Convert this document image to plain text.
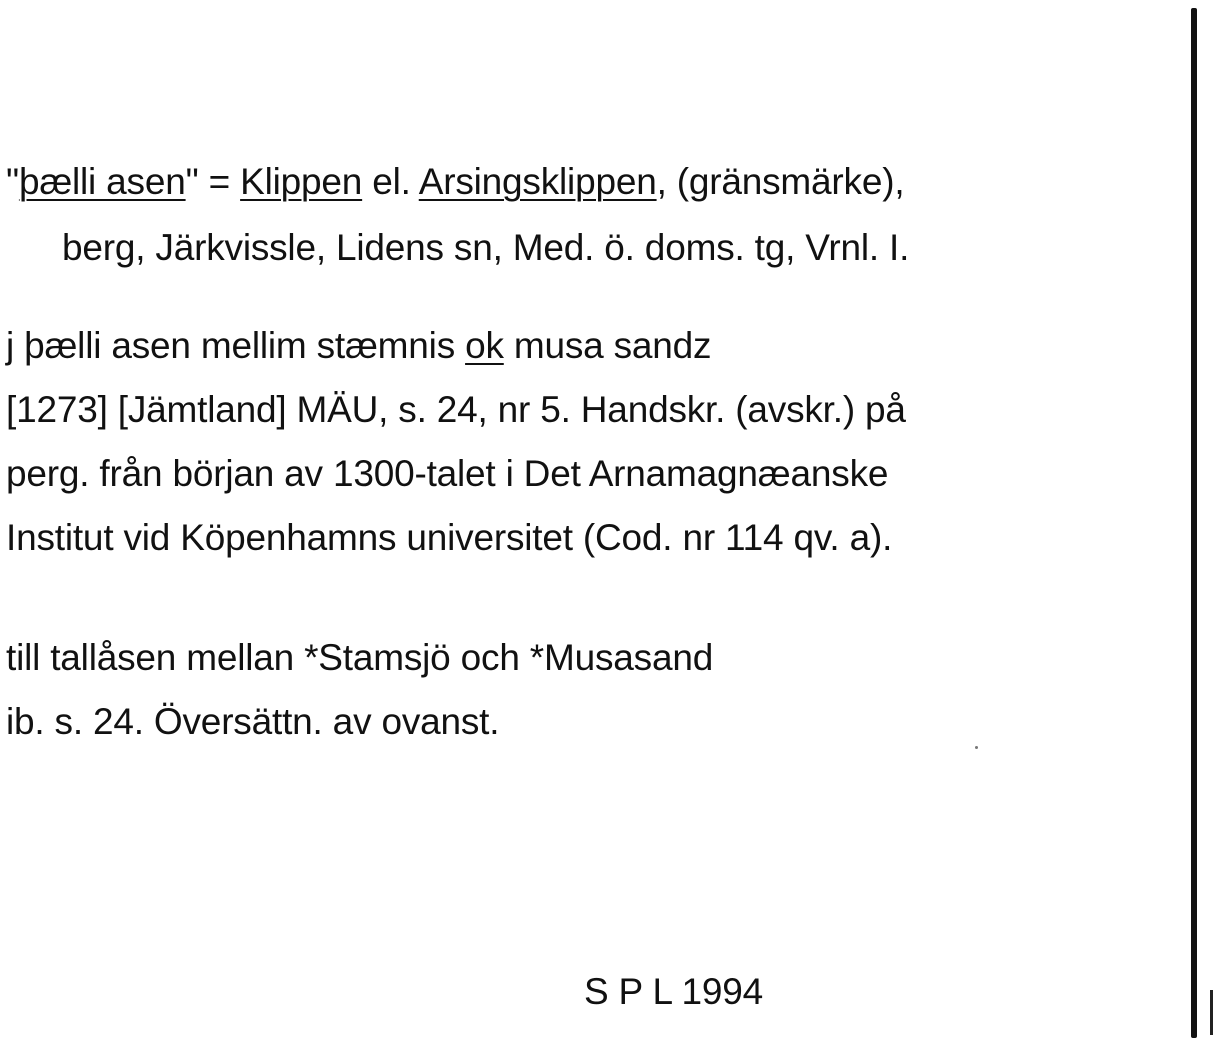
"þælli asen" = Klippen el. Arsingsklippen, (gränsmärke),
berg, Järkvissle, Lidens sn, Med. ö. doms. tg, Vrnl. I.
j þælli asen mellim stæmnis ok musa sandz
[1273] [Jämtland] MÄU, s. 24, nr 5. Handskr. (avskr.) på
perg. från början av 1300-talet i Det Arnamagnæanske
Institut vid Köpenhamns universitet (Cod. nr 114 qv. a).
till tallåsen mellan *Stamsjö och *Musasand
ib. s. 24. Översättn. av ovanst.
S P L 1994
